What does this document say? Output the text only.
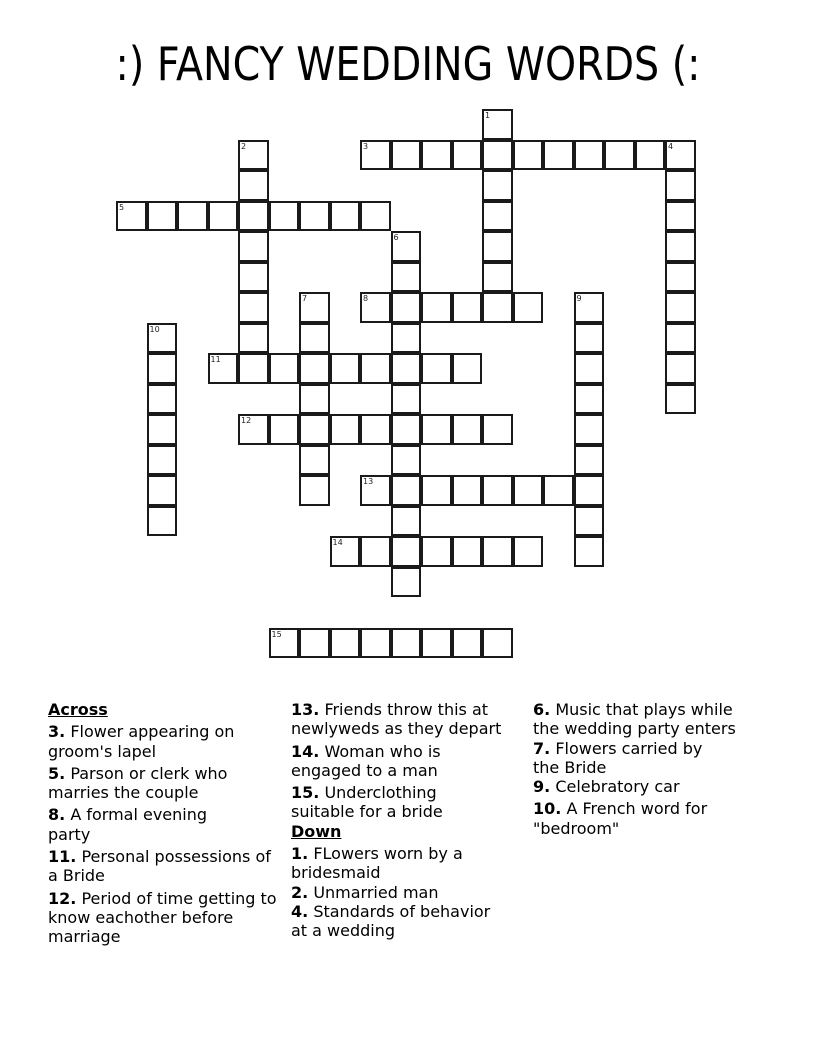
:) FANCY WEDDING WORDS (:
1
2	3	4
5
6
7	8	9
10
11
12
13
14
15
Across
3. Flower appearing on groom's lapel
5. Parson or clerk who marries the couple
8. A formal evening party
11. Personal possessions of a Bride
12. Period of time getting to know eachother before marriage
13. Friends throw this at newlyweds as they depart
14. Woman who is engaged to a man
15. Underclothing suitable for a bride
Down
1. FLowers worn by a bridesmaid
2. Unmarried man
4. Standards of behavior at a wedding
6. Music that plays while the wedding party enters
7. Flowers carried by the Bride
9. Celebratory car
10. A French word for "bedroom"
